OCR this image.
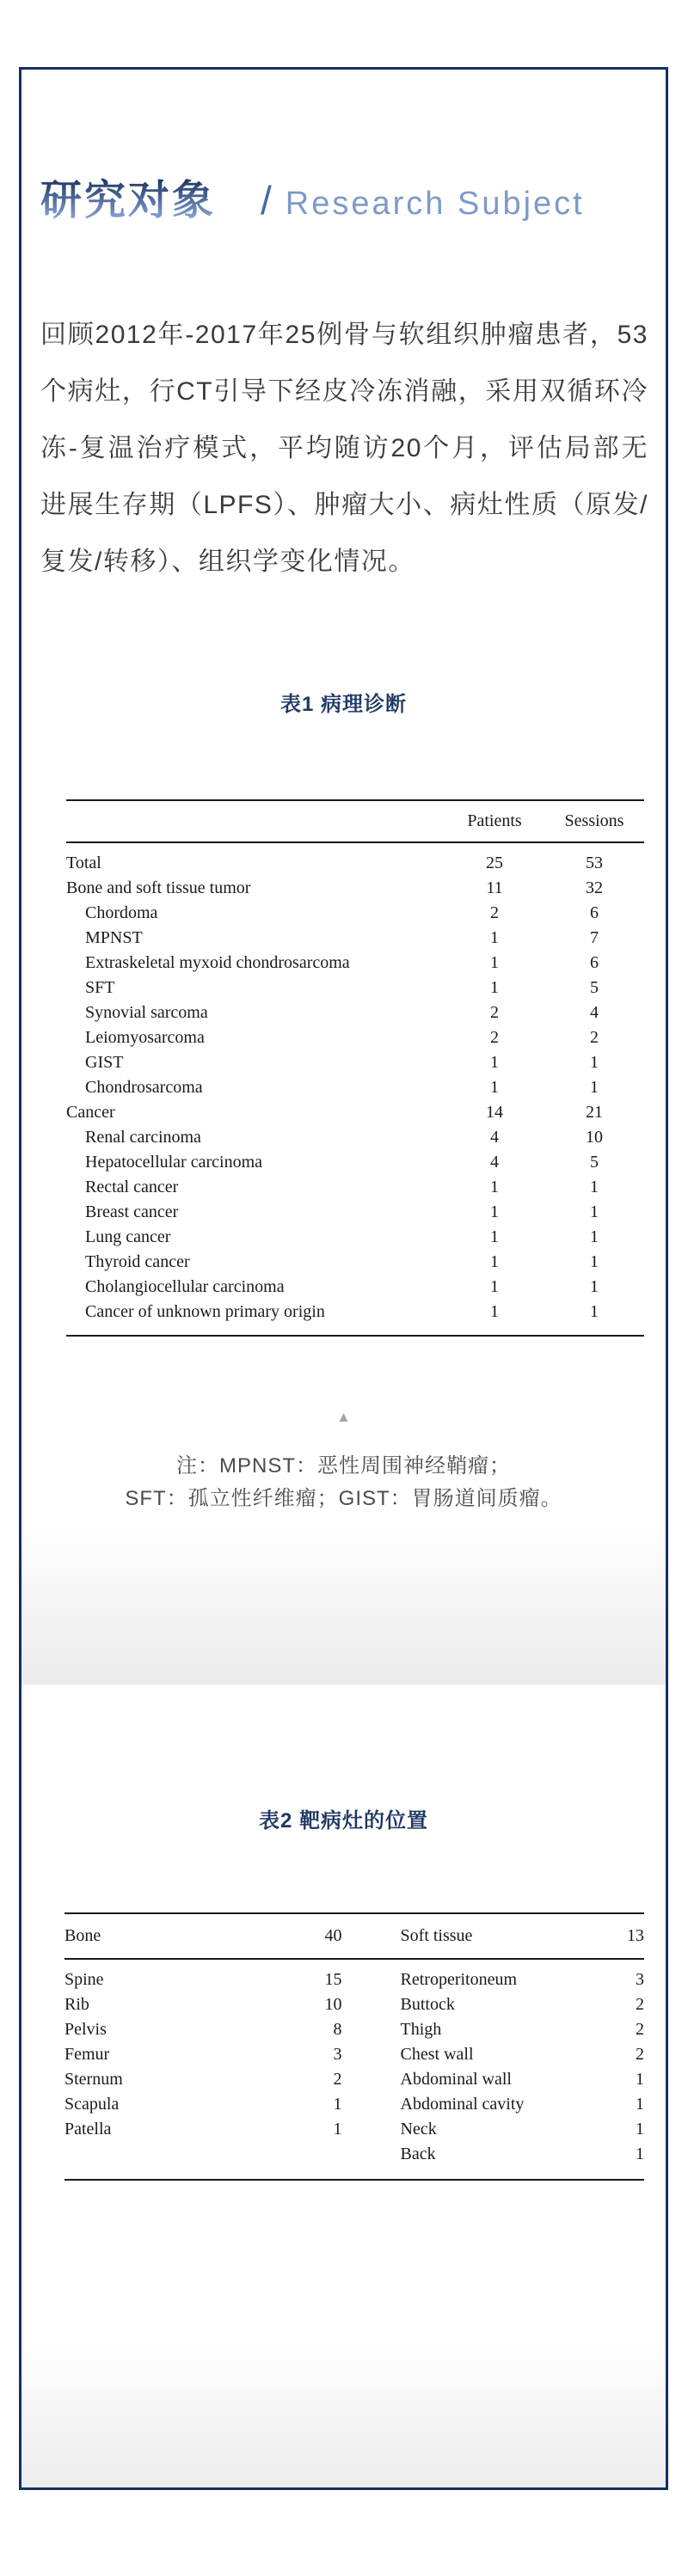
研究对象 / Research Subject
回顾2012年-2017年25例骨与软组织肿瘤患者，53个病灶，行CT引导下经皮冷冻消融，采用双循环冷冻-复温治疗模式，平均随访20个月，评估局部无进展生存期（LPFS）、肿瘤大小、病灶性质（原发/复发/转移）、组织学变化情况。
表1 病理诊断
	Patients	Sessions
Total	25	53
Bone and soft tissue tumor	11	32
Chordoma	2	6
MPNST	1	7
Extraskeletal myxoid chondrosarcoma	1	6
SFT	1	5
Synovial sarcoma	2	4
Leiomyosarcoma	2	2
GIST	1	1
Chondrosarcoma	1	1
Cancer	14	21
Renal carcinoma	4	10
Hepatocellular carcinoma	4	5
Rectal cancer	1	1
Breast cancer	1	1
Lung cancer	1	1
Thyroid cancer	1	1
Cholangiocellular carcinoma	1	1
Cancer of unknown primary origin	1	1
▲
注：MPNST：恶性周围神经鞘瘤；
SFT：孤立性纤维瘤；GIST：胃肠道间质瘤。
表2 靶病灶的位置
Bone	40	Soft tissue	13
Spine	15	Retroperitoneum	3
Rib	10	Buttock	2
Pelvis	8	Thigh	2
Femur	3	Chest wall	2
Sternum	2	Abdominal wall	1
Scapula	1	Abdominal cavity	1
Patella	1	Neck	1
		Back	1
